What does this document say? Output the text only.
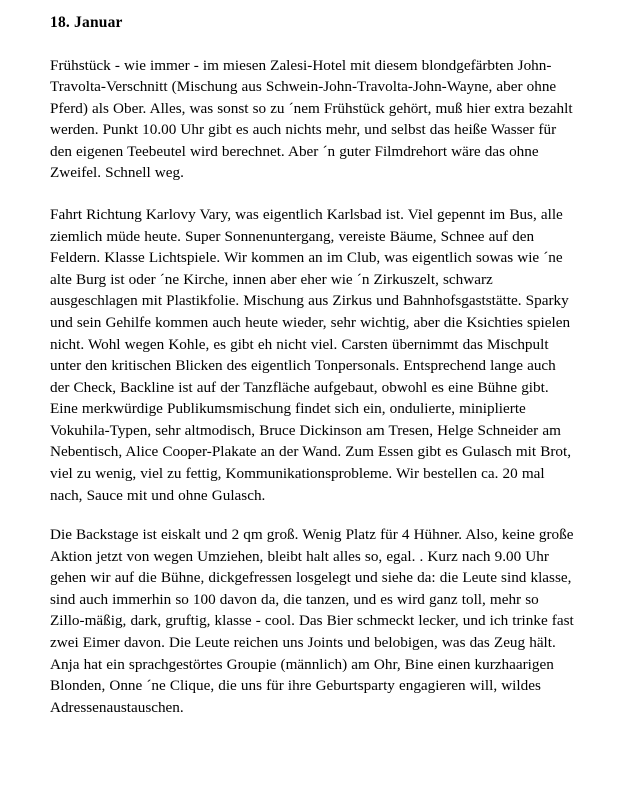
18. Januar

Frühstück - wie immer - im miesen Zalesi-Hotel mit diesem blondgefärbten John-Travolta-Verschnitt (Mischung aus Schwein-John-Travolta-John-Wayne, aber ohne Pferd) als Ober. Alles, was sonst so zu ´nem Frühstück gehört, muß hier extra bezahlt werden. Punkt 10.00 Uhr gibt es auch nichts mehr, und selbst das heiße Wasser für den eigenen Teebeutel wird berechnet. Aber ´n guter Filmdrehort wäre das ohne Zweifel. Schnell weg.

Fahrt Richtung Karlovy Vary, was eigentlich Karlsbad ist. Viel gepennt im Bus, alle ziemlich müde heute. Super Sonnenuntergang, vereiste Bäume, Schnee auf den Feldern. Klasse Lichtspiele. Wir kommen an im Club, was eigentlich sowas wie ´ne alte Burg ist oder ´ne Kirche, innen aber eher wie ´n Zirkuszelt, schwarz ausgeschlagen mit Plastikfolie. Mischung aus Zirkus und Bahnhofsgaststätte. Sparky und sein Gehilfe kommen auch heute wieder, sehr wichtig, aber die Ksichties spielen nicht. Wohl wegen Kohle, es gibt eh nicht viel. Carsten übernimmt das Mischpult unter den kritischen Blicken des eigentlich Tonpersonals. Entsprechend lange auch der Check, Backline ist auf der Tanzfläche aufgebaut, obwohl es eine Bühne gibt. Eine merkwürdige Publikumsmischung findet sich ein, ondulierte, miniplierte Vokuhila-Typen, sehr altmodisch, Bruce Dickinson am Tresen, Helge Schneider am Nebentisch, Alice Cooper-Plakate an der Wand. Zum Essen gibt es Gulasch mit Brot, viel zu wenig, viel zu fettig, Kommunikationsprobleme. Wir bestellen ca. 20 mal nach, Sauce mit und ohne Gulasch.

Die Backstage ist eiskalt und 2 qm groß. Wenig Platz für 4 Hühner. Also, keine große Aktion jetzt von wegen Umziehen, bleibt halt alles so, egal. . Kurz nach 9.00 Uhr gehen wir auf die Bühne, dickgefressen losgelegt und siehe da: die Leute sind klasse, sind auch immerhin so 100 davon da, die tanzen, und es wird ganz toll, mehr so Zillo-mäßig, dark, gruftig, klasse - cool. Das Bier schmeckt lecker, und ich trinke fast zwei Eimer davon. Die Leute reichen uns Joints und belobigen, was das Zeug hält. Anja hat ein sprachgestörtes Groupie (männlich) am Ohr, Bine einen kurzhaarigen Blonden, Onne ´ne Clique, die uns für ihre Geburtsparty engagieren will, wildes Adressenaustauschen.
